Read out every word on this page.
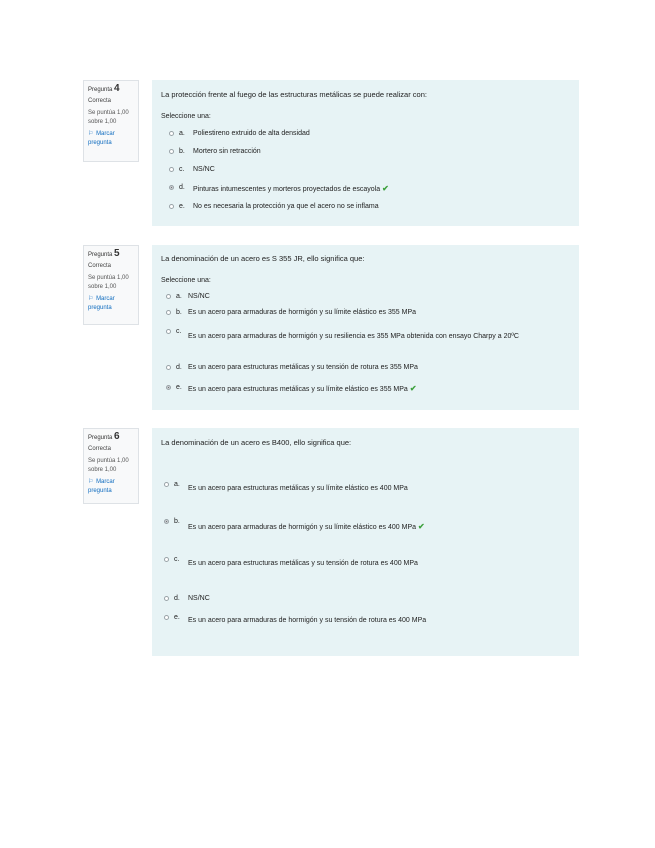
Pregunta 4
Correcta
Se puntúa 1,00 sobre 1,00
⚐ Marcar pregunta
La protección frente al fuego de las estructuras metálicas se puede realizar con:
Seleccione una:
a. Poliestireno extruido de alta densidad
b. Mortero sin retracción
c. NS/NC
d. Pinturas intumescentes y morteros proyectados de escayola ✔
e. No es necesaria la protección ya que el acero no se inflama
Pregunta 5
Correcta
Se puntúa 1,00 sobre 1,00
⚐ Marcar pregunta
La denominación de un acero es S 355 JR, ello significa que:
Seleccione una:
a. NS/NC
b. Es un acero para armaduras de hormigón y su límite elástico es 355 MPa
c.
Es un acero para armaduras de hormigón y su resiliencia es 355 MPa obtenida con ensayo Charpy a 20ºC
d. Es un acero para estructuras metálicas y su tensión de rotura es 355 MPa
e. Es un acero para estructuras metálicas y su límite elástico es 355 MPa ✔
Pregunta 6
Correcta
Se puntúa 1,00 sobre 1,00
⚐ Marcar pregunta
La denominación de un acero es B400, ello significa que:
a.
Es un acero para estructuras metálicas y su límite elástico es 400 MPa
b.
Es un acero para armaduras de hormigón y su límite elástico es 400 MPa ✔
c.
Es un acero para estructuras metálicas y su tensión de rotura es 400 MPa
d. NS/NC
e. Es un acero para armaduras de hormigón y su tensión de rotura es 400 MPa
